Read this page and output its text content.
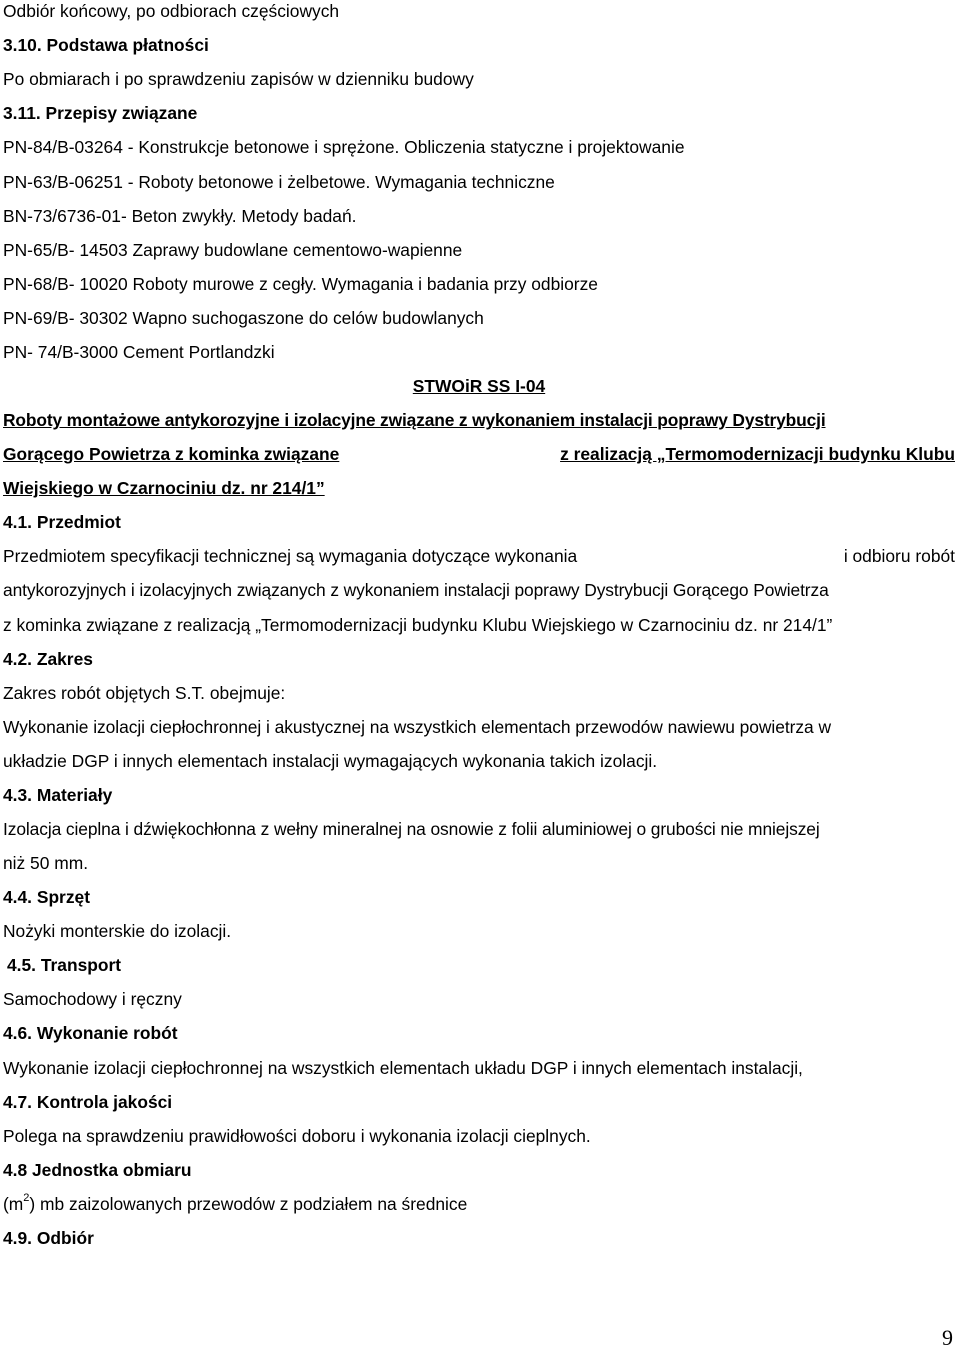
Odbiór końcowy, po odbiorach częściowych
3.10. Podstawa płatności
Po obmiarach i po sprawdzeniu zapisów w dzienniku budowy
3.11. Przepisy związane
PN-84/B-03264 - Konstrukcje betonowe i sprężone. Obliczenia statyczne i projektowanie
PN-63/B-06251 - Roboty betonowe i żelbetowe. Wymagania techniczne
BN-73/6736-01- Beton zwykły. Metody badań.
PN-65/B- 14503 Zaprawy budowlane cementowo-wapienne
PN-68/B- 10020 Roboty murowe z cegły. Wymagania i badania przy odbiorze
PN-69/B- 30302 Wapno suchogaszone do celów budowlanych
PN- 74/B-3000 Cement Portlandzki
STWOiR SS I-04
Roboty montażowe antykorozyjne i izolacyjne związane z wykonaniem instalacji poprawy Dystrybucji
Gorącego Powietrza z kominka związane	z realizacją „Termomodernizacji budynku Klubu
Wiejskiego w Czarnociniu dz. nr 214/1”
4.1. Przedmiot
Przedmiotem specyfikacji technicznej są wymagania dotyczące wykonania	i odbioru robót
antykorozyjnych i izolacyjnych związanych z wykonaniem instalacji poprawy Dystrybucji Gorącego Powietrza
z kominka związane z realizacją „Termomodernizacji budynku Klubu Wiejskiego w Czarnociniu dz. nr 214/1”
4.2. Zakres
Zakres robót objętych S.T. obejmuje:
Wykonanie izolacji ciepłochronnej i akustycznej na wszystkich elementach przewodów nawiewu powietrza w
układzie DGP i innych elementach instalacji wymagających wykonania takich izolacji.
4.3. Materiały
Izolacja cieplna i dźwiękochłonna z wełny mineralnej na osnowie z folii aluminiowej o grubości nie mniejszej
niż 50 mm.
4.4. Sprzęt
Nożyki monterskie do izolacji.
4.5. Transport
Samochodowy i ręczny
4.6. Wykonanie robót
Wykonanie izolacji ciepłochronnej na wszystkich elementach układu DGP i innych elementach instalacji,
4.7. Kontrola jakości
Polega na sprawdzeniu prawidłowości doboru i wykonania izolacji cieplnych.
4.8 Jednostka obmiaru
$(m^2)$ mb zaizolowanych przewodów z podziałem na średnice
4.9. Odbiór
9
